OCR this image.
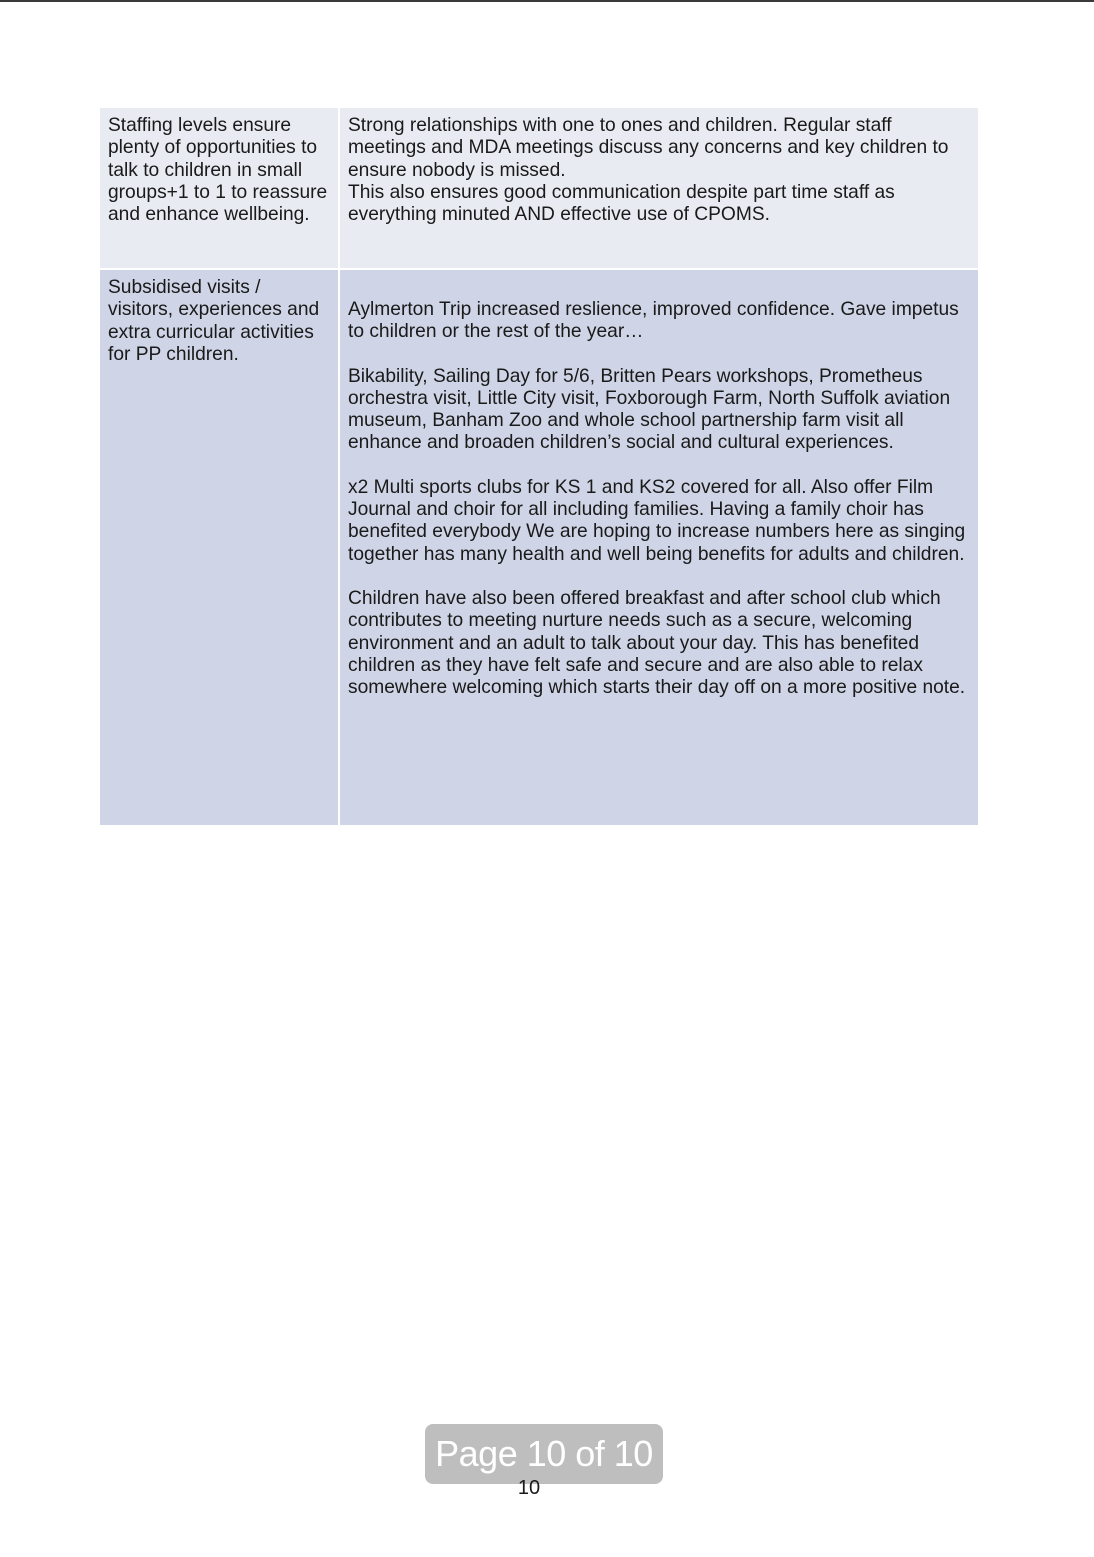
Staffing levels ensure plenty of opportunities to talk to children in small groups+1 to 1 to reassure and enhance wellbeing.	Strong relationships with one to ones and children. Regular staff meetings and MDA meetings discuss any concerns and key children to ensure nobody is missed.

This also ensures good communication despite part time staff as everything minuted AND effective use of CPOMS.

Subsidised visits / visitors, experiences and extra curricular activities for PP children.	Aylmerton Trip increased reslience, improved confidence. Gave impetus to children or the rest of the year…

Bikability, Sailing Day for 5/6, Britten Pears workshops, Prometheus orchestra visit, Little City visit, Foxborough Farm, North Suffolk aviation museum, Banham Zoo and whole school partnership farm visit all enhance and broaden children’s social and cultural experiences.

x2 Multi sports clubs for KS 1 and KS2 covered for all. Also offer Film Journal and choir for all including families. Having a family choir has benefited everybody We are hoping to increase numbers here as singing together has many health and well being benefits for adults and children.

Children have also been offered breakfast and after school club which contributes to meeting nurture needs such as a secure, welcoming environment and an adult to talk about your day. This has benefited children as they have felt safe and secure and are also able to relax somewhere welcoming which starts their day off on a more positive note.

Page 10 of 10
10
